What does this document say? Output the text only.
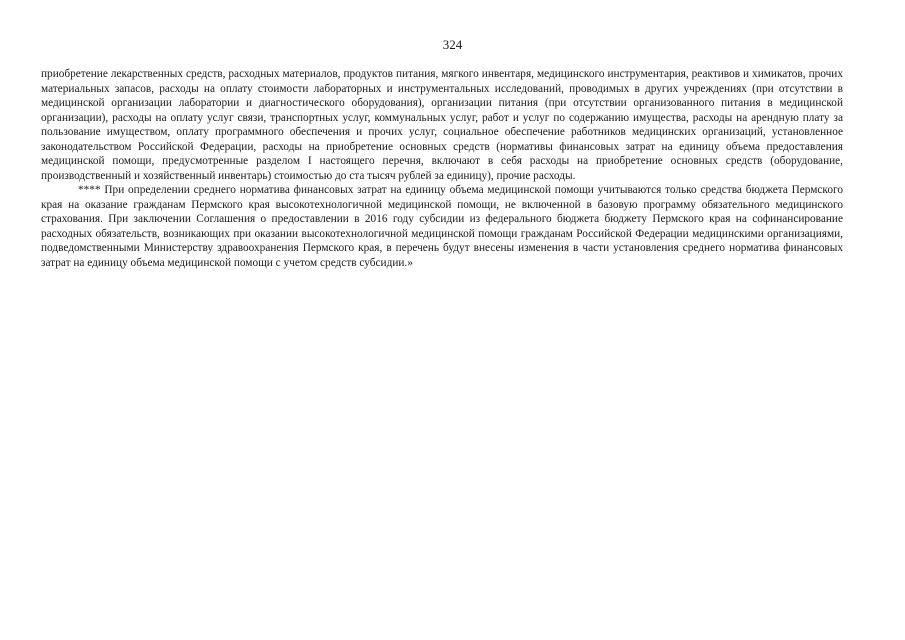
324

приобретение лекарственных средств, расходных материалов, продуктов питания, мягкого инвентаря, медицинского инструментария, реактивов и химикатов, прочих материальных запасов, расходы на оплату стоимости лабораторных и инструментальных исследований, проводимых в других учреждениях (при отсутствии в медицинской организации лаборатории и диагностического оборудования), организации питания (при отсутствии организованного питания в медицинской организации), расходы на оплату услуг связи, транспортных услуг, коммунальных услуг, работ и услуг по содержанию имущества, расходы на арендную плату за пользование имуществом, оплату программного обеспечения и прочих услуг, социальное обеспечение работников медицинских организаций, установленное законодательством Российской Федерации, расходы на приобретение основных средств (нормативы финансовых затрат на единицу объема предоставления медицинской помощи, предусмотренные разделом I настоящего перечня, включают в себя расходы на приобретение основных средств (оборудование, производственный и хозяйственный инвентарь) стоимостью до ста тысяч рублей за единицу), прочие расходы.

**** При определении среднего норматива финансовых затрат на единицу объема медицинской помощи учитываются только средства бюджета Пермского края на оказание гражданам Пермского края высокотехнологичной медицинской помощи, не включенной в базовую программу обязательного медицинского страхования. При заключении Соглашения о предоставлении в 2016 году субсидии из федерального бюджета бюджету Пермского края на софинансирование расходных обязательств, возникающих при оказании высокотехнологичной медицинской помощи гражданам Российской Федерации медицинскими организациями, подведомственными Министерству здравоохранения Пермского края, в перечень будут внесены изменения в части установления среднего норматива финансовых затрат на единицу объема медицинской помощи с учетом средств субсидии.»
